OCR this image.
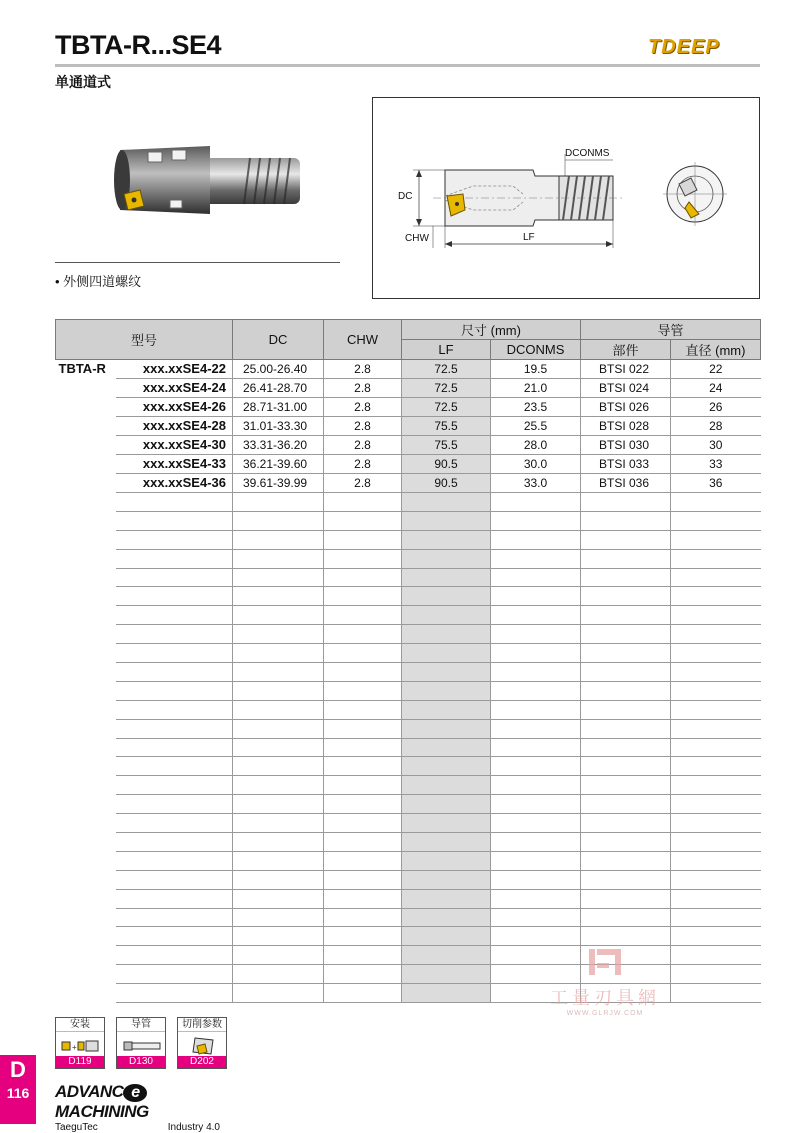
TBTA-R...SE4	TDEEP
单通道式
• 外侧四道螺纹
DC
DCONMS
CHW	LF
型号		DC	CHW	尺寸 (mm)		导管	
				LF	DCONMS	部件	直径 (mm)
TBTA-R	xxx.xxSE4-22	25.00-26.40	2.8	72.5	19.5	BTSI 022	22
	xxx.xxSE4-24	26.41-28.70	2.8	72.5	21.0	BTSI 024	24
	xxx.xxSE4-26	28.71-31.00	2.8	72.5	23.5	BTSI 026	26
	xxx.xxSE4-28	31.01-33.30	2.8	75.5	25.5	BTSI 028	28
	xxx.xxSE4-30	33.31-36.20	2.8	75.5	28.0	BTSI 030	30
	xxx.xxSE4-33	36.21-39.60	2.8	90.5	30.0	BTSI 033	33
	xxx.xxSE4-36	39.61-39.99	2.8	90.5	33.0	BTSI 036	36

工量刃具網
WWW.GLRJW.COM
安装
+
D119
导管
D130
切削参数
D202
D
116	ADVANC eMACHINING
TaeguTec	Industry 4.0
